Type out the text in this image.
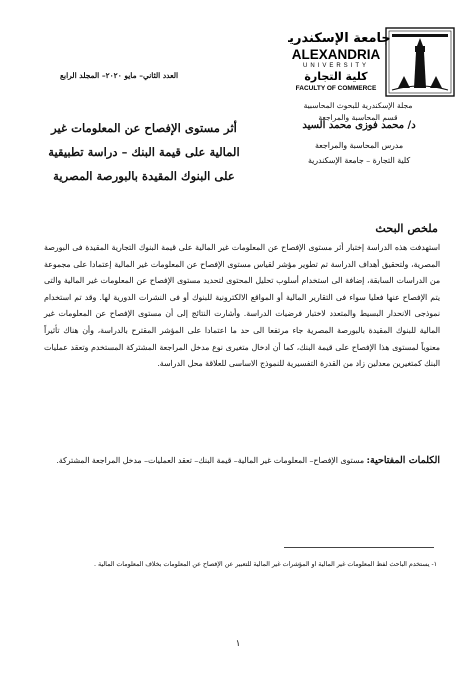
جامعة الإسكندرية
ALEXANDRIA
UNIVERSITY
كلية التجارة
FACULTY OF COMMERCE
العدد الثاني– مايو ٢٠٢٠– المجلد الرابع
مجلة الإسكندرية للبحوث المحاسبية
قسم المحاسبة والمراجعة
أثر مستوى الإفصاح عن المعلومات غير
المالية على قيمة البنك – دراسة تطبيقية
على البنوك المقيدة بالبورصة المصرية
د/ محمد فوزى محمد السيد
مدرس المحاسبة والمراجعة
كلية التجارة – جامعة الإسكندرية
ملخص البحث
استهدفت هذه الدراسة إختبار أثر مستوى الإفصاح عن المعلومات غير المالية على قيمة البنوك التجارية المقيدة فى البورصة المصرية، ولتحقيق أهداف الدراسة تم تطوير مؤشر لقياس مستوى الإفصاح عن المعلومات غير المالية إعتمادا على مجموعة من الدراسات السابقة، إضافة الى استخدام أسلوب تحليل المحتوى لتحديد مستوى الإفصاح عن المعلومات غير المالية والتى يتم الإفصاح عنها فعليا سواء فى التقارير المالية أو المواقع الالكترونية للبنوك أو فى النشرات الدورية لها. وقد تم استخدام نموذجى الانحدار البسيط والمتعدد لاختبار فرضيات الدراسة. وأشارت النتائج إلى أن مستوى الإفصاح عن المعلومات غير المالية للبنوك المقيدة بالبورصة المصرية جاء مرتفعا الى حد ما اعتمادا على المؤشر المقترح بالدراسة، وأن هناك تأثيراً معنوياً لمستوى هذا الإفصاح على قيمة البنك، كما أن ادخال متغيرى نوع مدخل المراجعة المشتركة المستخدم وتعقد عمليات البنك كمتغيرين معدلين زاد من القدرة التفسيرية للنموذج الاساسى للعلاقة محل الدراسة.
الكلمات المفتاحية: مستوى الإفصاح– المعلومات غير المالية– قيمة البنك– تعقد العمليات– مدخل المراجعة المشتركة.
١- يستخدم الباحث لفظ المعلومات غير المالية او المؤشرات غير المالية للتعبير عن الإفصاح عن المعلومات بخلاف المعلومات المالية .
١
